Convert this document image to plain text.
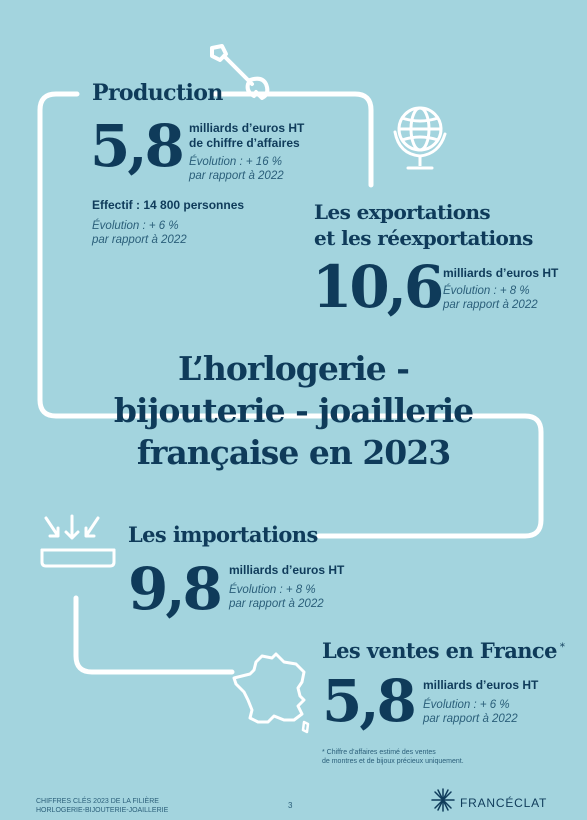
Production
5,8 milliards d’euros HT
de chiffre d’affaires
Évolution : + 16 %
par rapport à 2022
Effectif : 14 800 personnes
Évolution : + 6 %
par rapport à 2022
Les exportations
et les réexportations
10,6 milliards d’euros HT
Évolution : + 8 %
par rapport à 2022
L’horlogerie -
bijouterie - joaillerie
française en 2023
Les importations
9,8 milliards d’euros HT
Évolution : + 8 %
par rapport à 2022
Les ventes en France *
5,8 milliards d’euros HT
Évolution : + 6 %
par rapport à 2022
* Chiffre d’affaires estimé des ventes
de montres et de bijoux précieux uniquement.
CHIFFRES CLÉS 2023 DE LA FILIÈRE
HORLOGERIE-BIJOUTERIE-JOAILLERIE
3	FRANCÉCLAT
